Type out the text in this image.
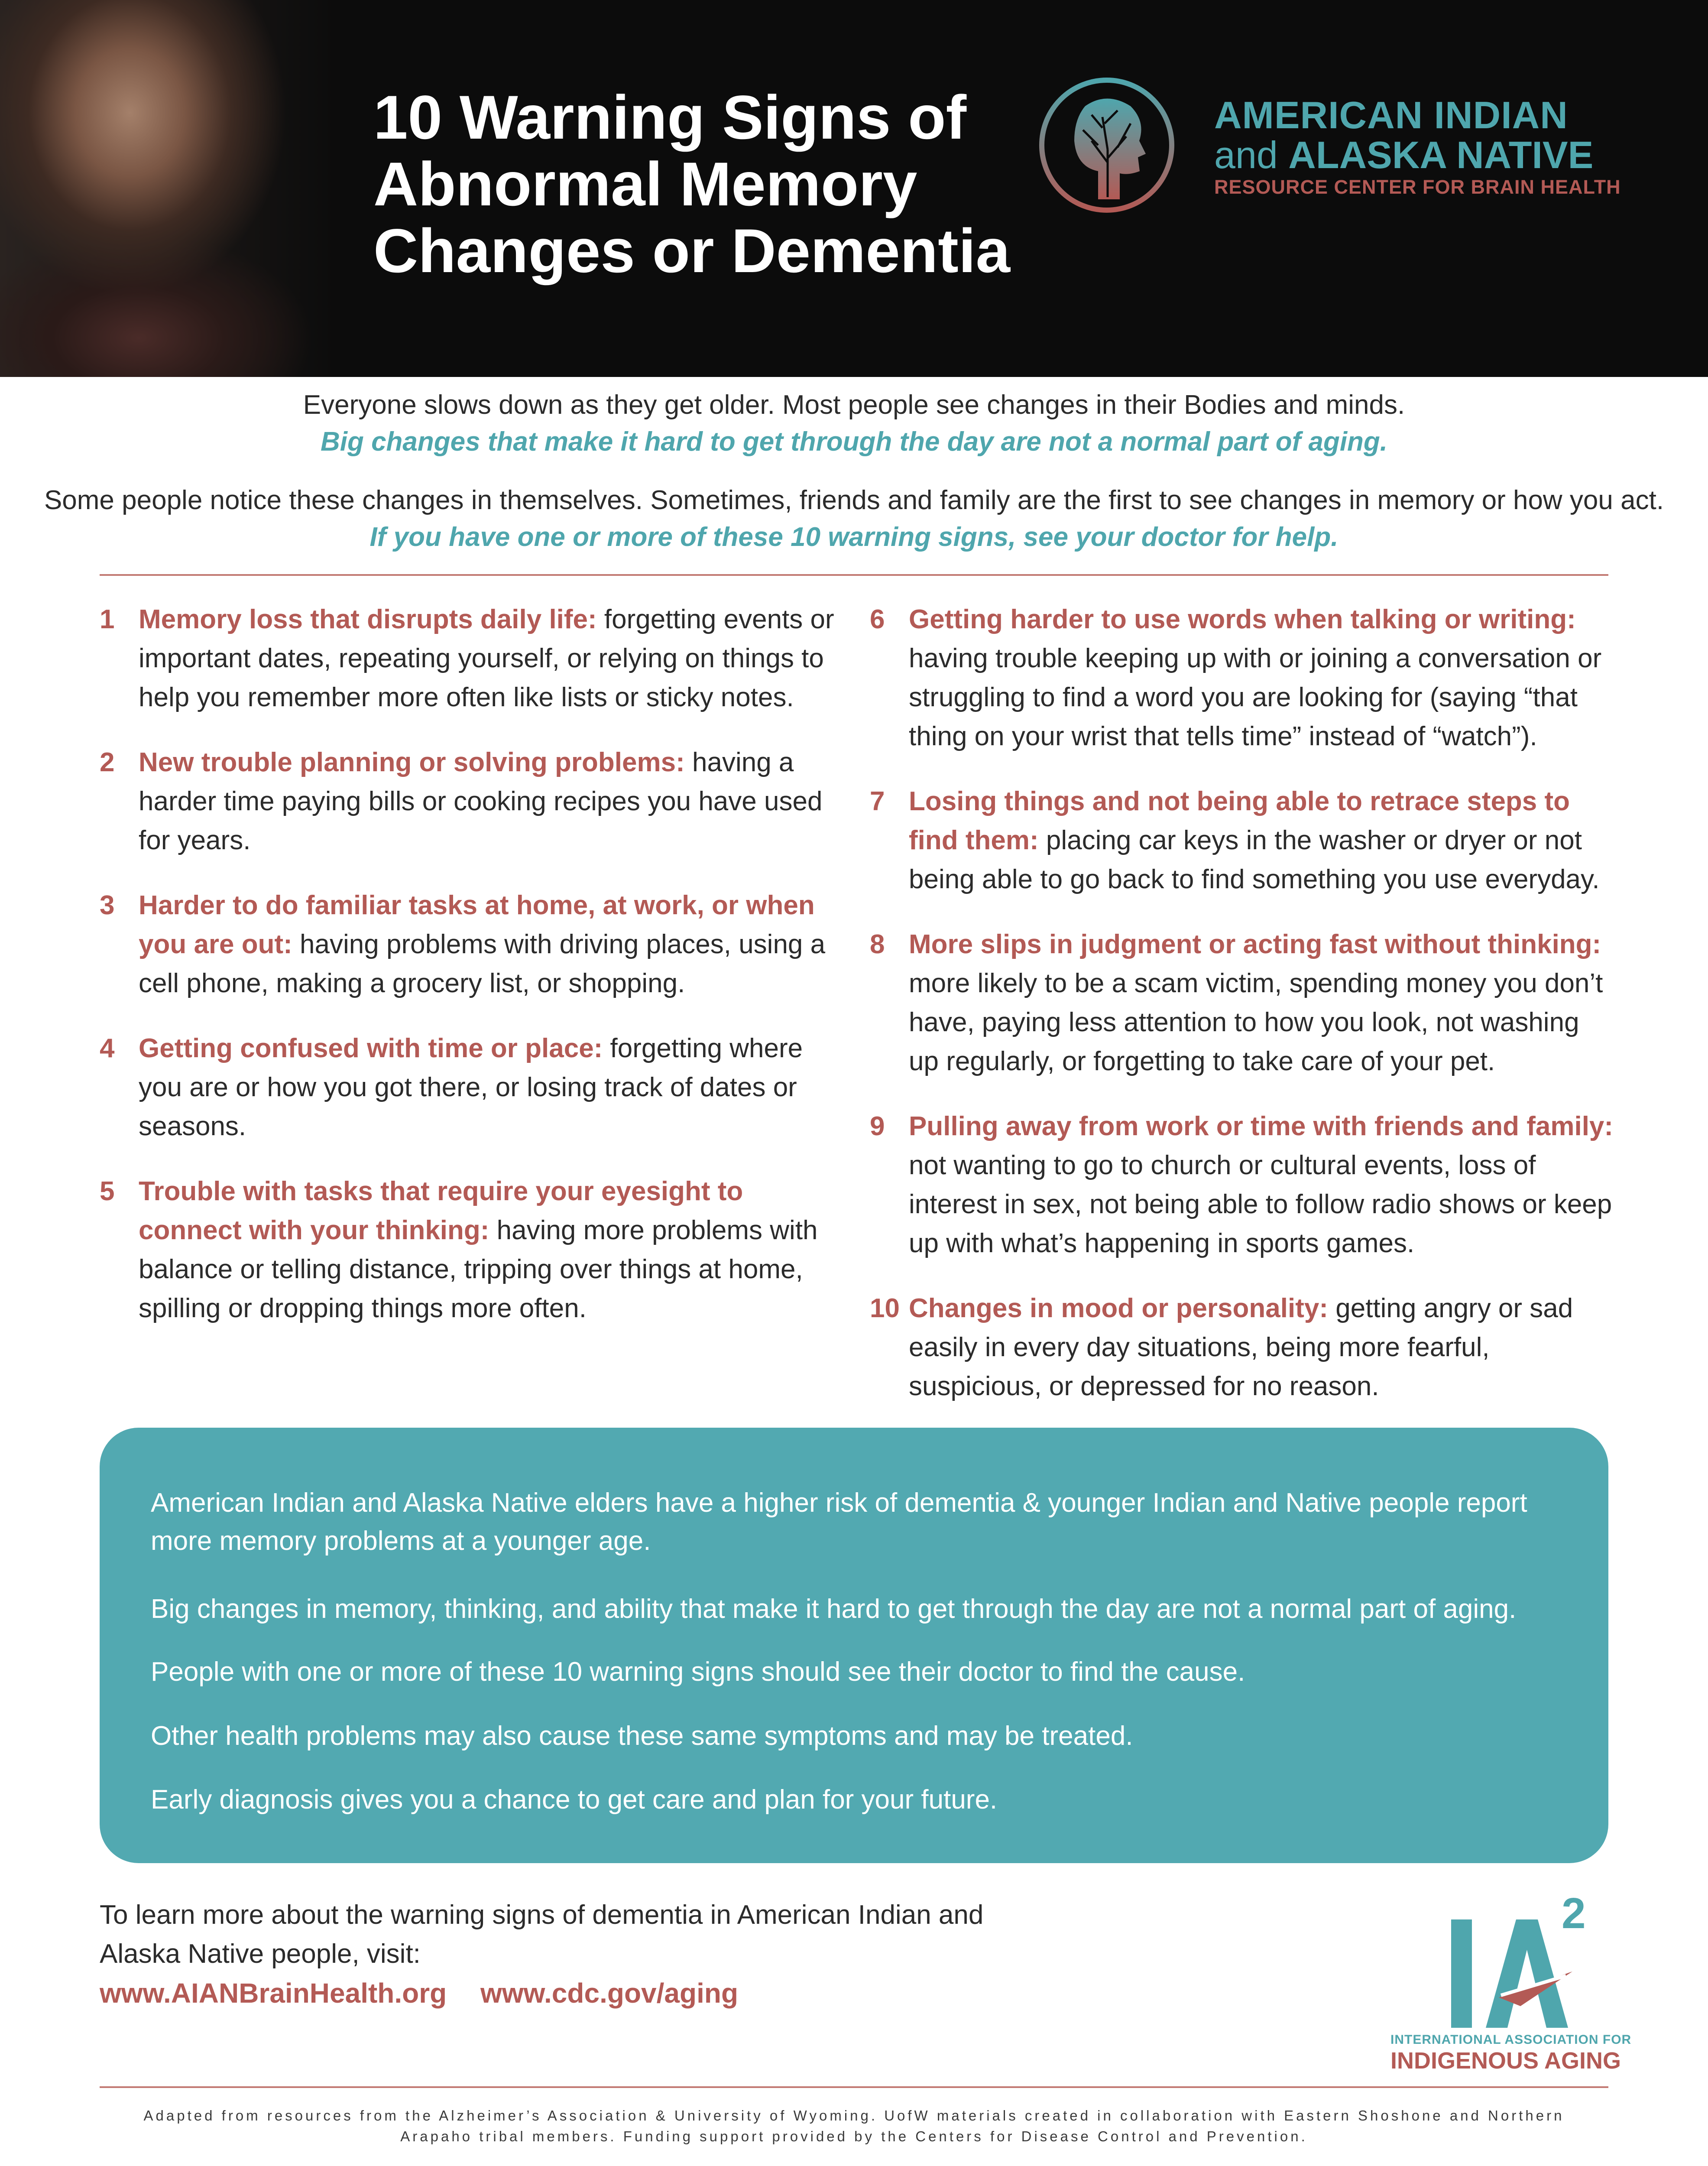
10 Warning Signs of
Abnormal Memory
Changes or Dementia
AMERICAN INDIAN
and ALASKA NATIVE
RESOURCE CENTER FOR BRAIN HEALTH
Everyone slows down as they get older. Most people see changes in their Bodies and minds.
Big changes that make it hard to get through the day are not a normal part of aging.
Some people notice these changes in themselves. Sometimes, friends and family are the first to see changes in memory or how you act.
If you have one or more of these 10 warning signs, see your doctor for help.
1 Memory loss that disrupts daily life: forgetting events or important dates, repeating yourself, or relying on things to help you remember more often like lists or sticky notes.
2 New trouble planning or solving problems: having a harder time paying bills or cooking recipes you have used for years.
3 Harder to do familiar tasks at home, at work, or when you are out: having problems with driving places, using a cell phone, making a grocery list, or shopping.
4 Getting confused with time or place: forgetting where you are or how you got there, or losing track of dates or seasons.
5 Trouble with tasks that require your eyesight to connect with your thinking: having more problems with balance or telling distance, tripping over things at home, spilling or dropping things more often.
6 Getting harder to use words when talking or writing: having trouble keeping up with or joining a conversation or struggling to find a word you are looking for (saying “that thing on your wrist that tells time” instead of “watch”).
7 Losing things and not being able to retrace steps to find them: placing car keys in the washer or dryer or not being able to go back to find something you use everyday.
8 More slips in judgment or acting fast without thinking: more likely to be a scam victim, spending money you don’t have, paying less attention to how you look, not washing up regularly, or forgetting to take care of your pet.
9 Pulling away from work or time with friends and family: not wanting to go to church or cultural events, loss of interest in sex, not being able to follow radio shows or keep up with what’s happening in sports games.
10 Changes in mood or personality: getting angry or sad easily in every day situations, being more fearful, suspicious, or depressed for no reason.
American Indian and Alaska Native elders have a higher risk of dementia & younger Indian and Native people report more memory problems at a younger age.
Big changes in memory, thinking, and ability that make it hard to get through the day are not a normal part of aging.
People with one or more of these 10 warning signs should see their doctor to find the cause.
Other health problems may also cause these same symptoms and may be treated.
Early diagnosis gives you a chance to get care and plan for your future.
To learn more about the warning signs of dementia in American Indian and Alaska Native people, visit:
www.AIANBrainHealth.org www.cdc.gov/aging
2
INTERNATIONAL ASSOCIATION FOR
INDIGENOUS AGING
Adapted from resources from the Alzheimer’s Association & University of Wyoming. UofW materials created in collaboration with Eastern Shoshone and Northern
Arapaho tribal members. Funding support provided by the Centers for Disease Control and Prevention.
